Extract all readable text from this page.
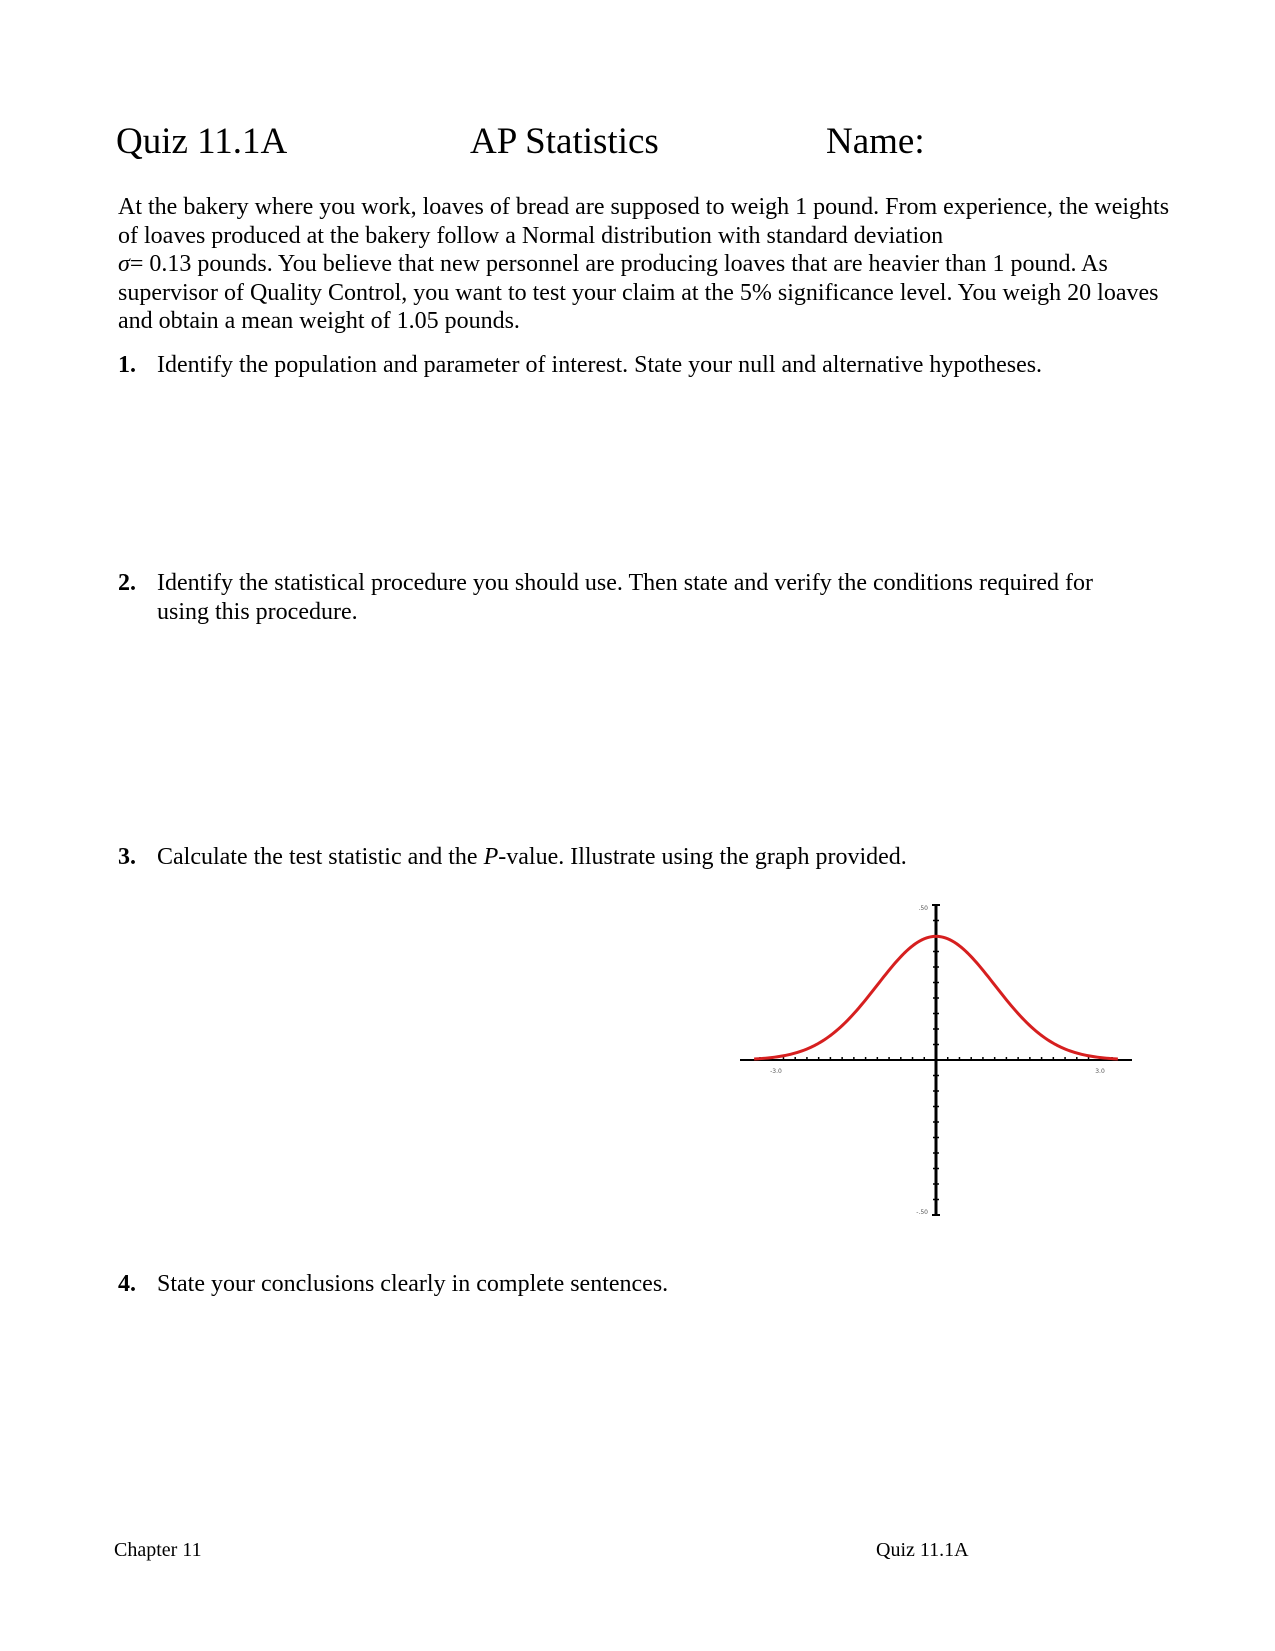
Quiz 11.1A	AP Statistics	Name:

At the bakery where you work, loaves of bread are supposed to weigh 1 pound. From experience, the weights of loaves produced at the bakery follow a Normal distribution with standard deviation
σ= 0.13 pounds. You believe that new personnel are producing loaves that are heavier than 1 pound. As supervisor of Quality Control, you want to test your claim at the 5% significance level. You weigh 20 loaves and obtain a mean weight of 1.05 pounds.

1. Identify the population and parameter of interest. State your null and alternative hypotheses.
2. Identify the statistical procedure you should use. Then state and verify the conditions required for using this procedure.
3. Calculate the test statistic and the P-value. Illustrate using the graph provided.
-3.0	3.0
.50
-.50
4. State your conclusions clearly in complete sentences.
Chapter 11	Quiz 11.1A
